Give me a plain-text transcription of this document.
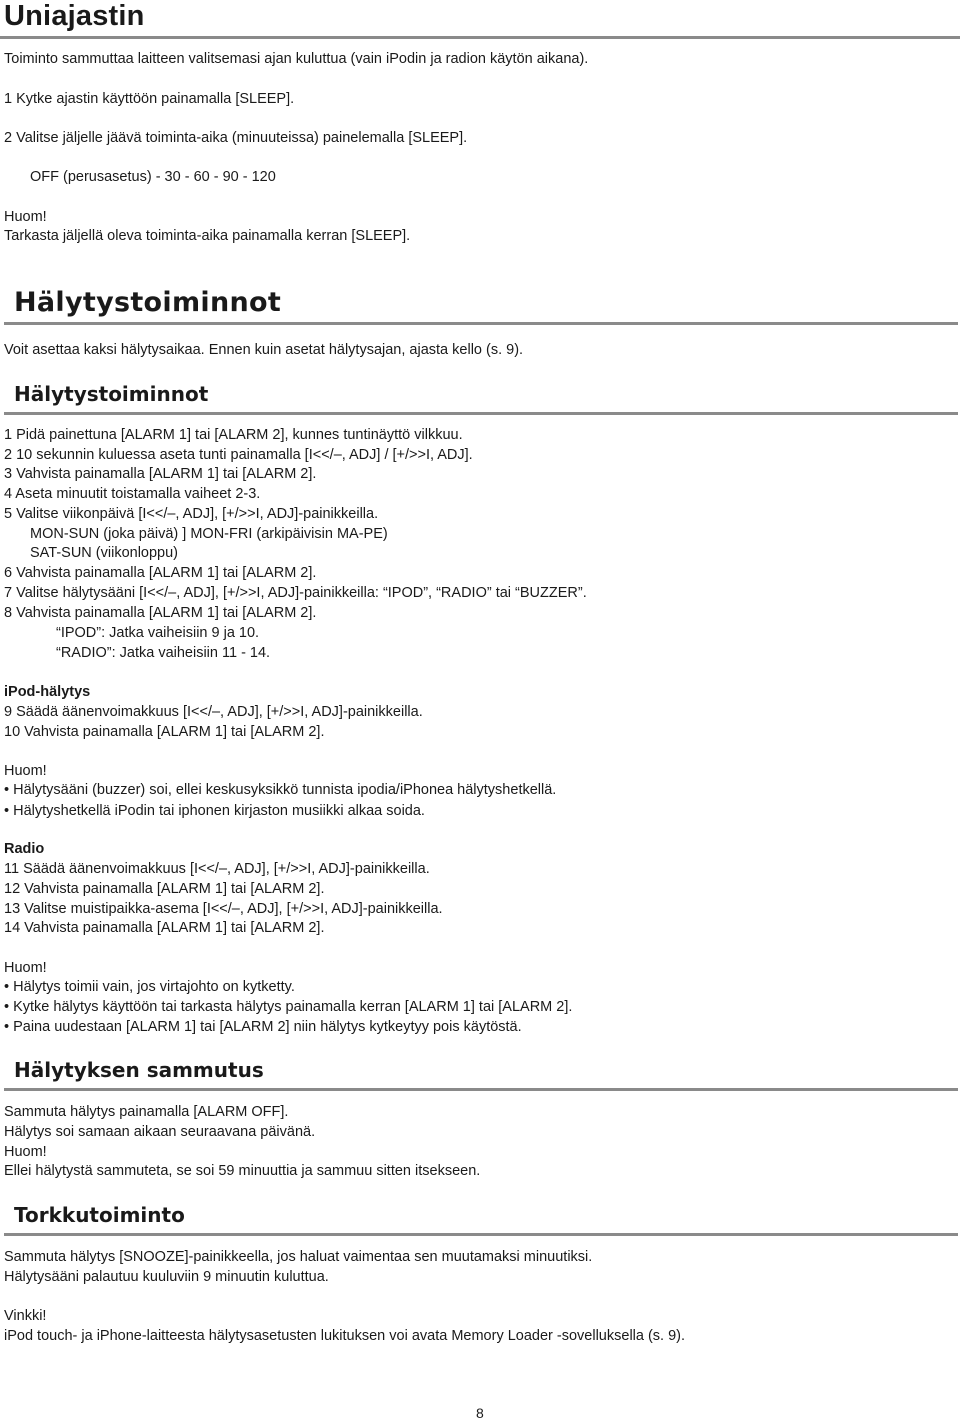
Uniajastin
Toiminto sammuttaa laitteen valitsemasi ajan kuluttua (vain iPodin ja radion käytön aikana).
1 Kytke ajastin käyttöön painamalla [SLEEP].
2 Valitse jäljelle jäävä toiminta-aika (minuuteissa) painelemalla [SLEEP].
OFF (perusasetus) - 30 - 60 - 90 - 120
Huom!
Tarkasta jäljellä oleva toiminta-aika painamalla kerran [SLEEP].
Hälytystoiminnot
Voit asettaa kaksi hälytysaikaa. Ennen kuin asetat hälytysajan, ajasta kello (s. 9).
Hälytystoiminnot
1 Pidä painettuna [ALARM 1] tai [ALARM 2], kunnes tuntinäyttö vilkkuu.
2 10 sekunnin kuluessa aseta tunti painamalla [I<</–, ADJ] / [+/>>I, ADJ].
3 Vahvista painamalla [ALARM 1] tai [ALARM 2].
4 Aseta minuutit toistamalla vaiheet 2-3.
5 Valitse viikonpäivä [I<</–, ADJ], [+/>>I, ADJ]-painikkeilla.
MON-SUN (joka päivä) ] MON-FRI (arkipäivisin MA-PE)
SAT-SUN (viikonloppu)
6 Vahvista painamalla [ALARM 1] tai [ALARM 2].
7 Valitse hälytysääni [I<</–, ADJ], [+/>>I, ADJ]-painikkeilla: “IPOD”, “RADIO” tai “BUZZER”.
8 Vahvista painamalla [ALARM 1] tai [ALARM 2].
“IPOD”: Jatka vaiheisiin 9 ja 10.
“RADIO”: Jatka vaiheisiin 11 - 14.
iPod-hälytys
9 Säädä äänenvoimakkuus [I<</–, ADJ], [+/>>I, ADJ]-painikkeilla.
10 Vahvista painamalla [ALARM 1] tai [ALARM 2].
Huom!
• Hälytysääni (buzzer) soi, ellei keskusyksikkö tunnista ipodia/iPhonea hälytyshetkellä.
• Hälytyshetkellä iPodin tai iphonen kirjaston musiikki alkaa soida.
Radio
11 Säädä äänenvoimakkuus [I<</–, ADJ], [+/>>I, ADJ]-painikkeilla.
12 Vahvista painamalla [ALARM 1] tai [ALARM 2].
13 Valitse muistipaikka-asema [I<</–, ADJ], [+/>>I, ADJ]-painikkeilla.
14 Vahvista painamalla [ALARM 1] tai [ALARM 2].
Huom!
• Hälytys toimii vain, jos virtajohto on kytketty.
• Kytke hälytys käyttöön tai tarkasta hälytys painamalla kerran [ALARM 1] tai [ALARM 2].
• Paina uudestaan [ALARM 1] tai [ALARM 2] niin hälytys kytkeytyy pois käytöstä.
Hälytyksen sammutus
Sammuta hälytys painamalla [ALARM OFF].
Hälytys soi samaan aikaan seuraavana päivänä.
Huom!
Ellei hälytystä sammuteta, se soi 59 minuuttia ja sammuu sitten itsekseen.
Torkkutoiminto
Sammuta hälytys [SNOOZE]-painikkeella, jos haluat vaimentaa sen muutamaksi minuutiksi.
Hälytysääni palautuu kuuluviin 9 minuutin kuluttua.
Vinkki!
iPod touch- ja iPhone-laitteesta hälytysasetusten lukituksen voi avata Memory Loader -sovelluksella (s. 9).
8
